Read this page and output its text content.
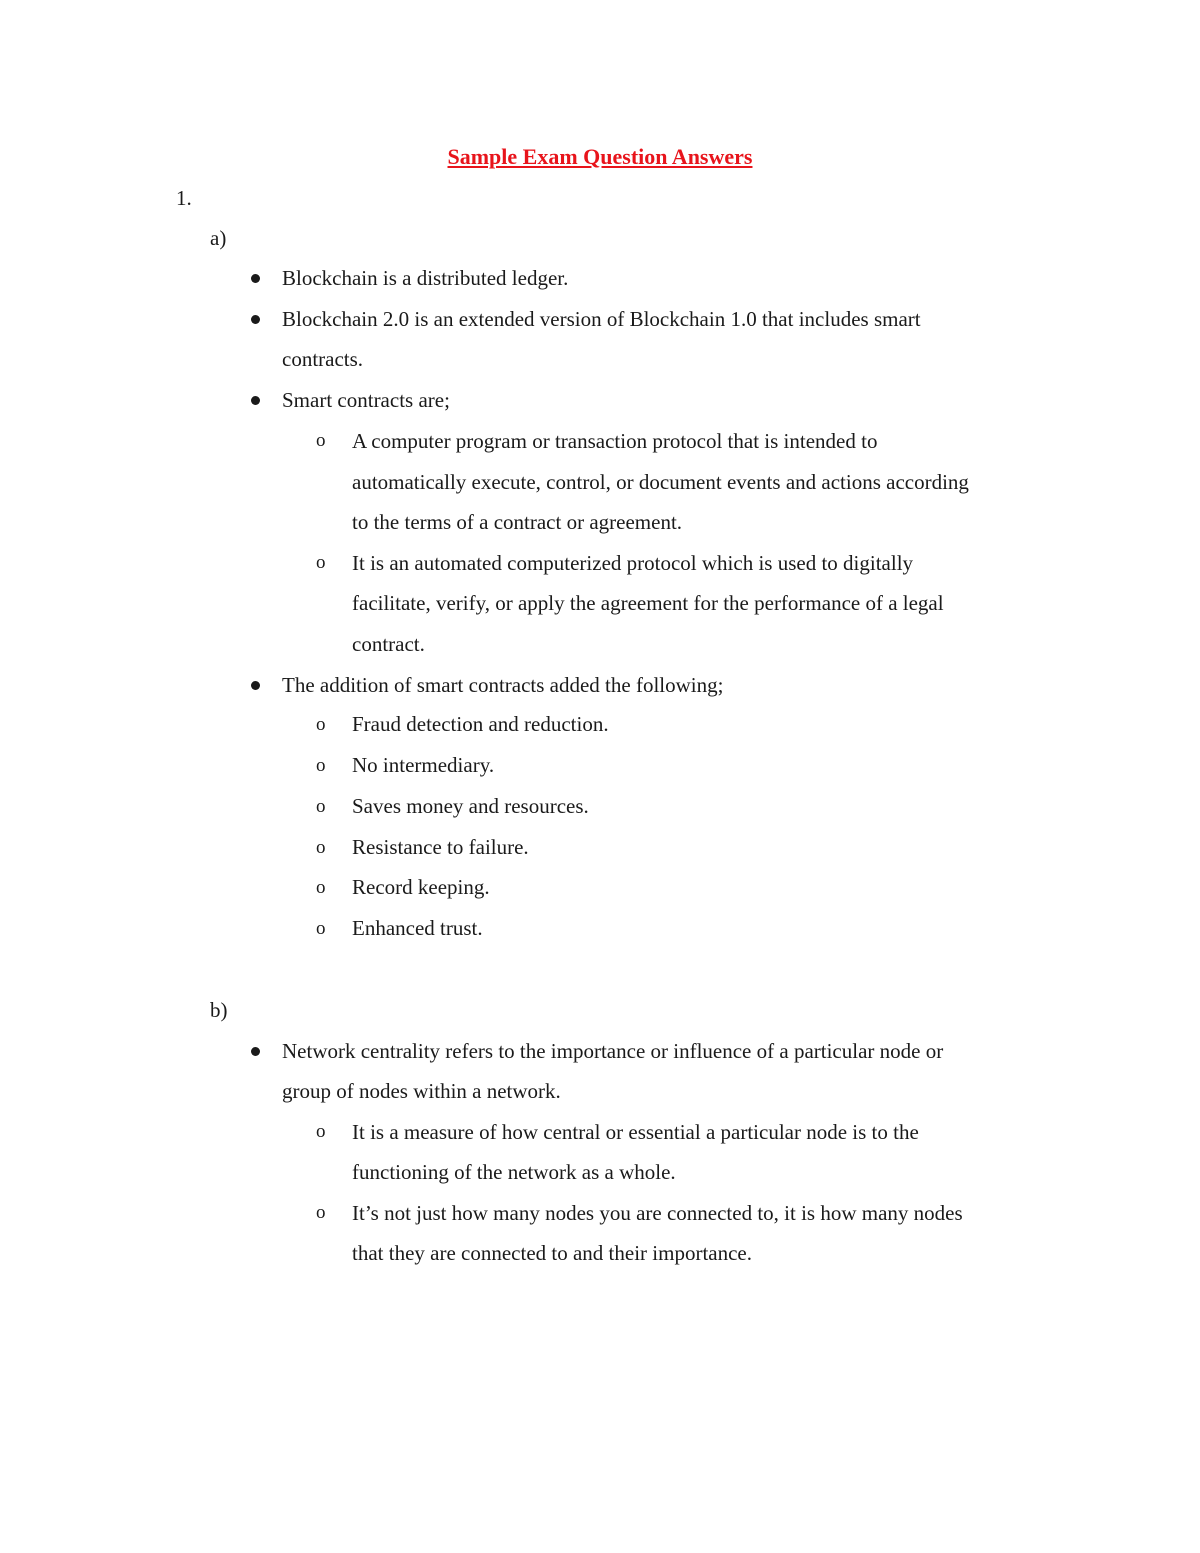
Sample Exam Question Answers

1.

a)

Blockchain is a distributed ledger.

Blockchain 2.0 is an extended version of Blockchain 1.0 that includes smart

contracts.

Smart contracts are;

o A computer program or transaction protocol that is intended to

automatically execute, control, or document events and actions according

to the terms of a contract or agreement.

o It is an automated computerized protocol which is used to digitally

facilitate, verify, or apply the agreement for the performance of a legal

contract.

The addition of smart contracts added the following;

o Fraud detection and reduction.

o No intermediary.

o Saves money and resources.

o Resistance to failure.

o Record keeping.

o Enhanced trust.

b)

Network centrality refers to the importance or influence of a particular node or

group of nodes within a network.

o It is a measure of how central or essential a particular node is to the

functioning of the network as a whole.

o It’s not just how many nodes you are connected to, it is how many nodes

that they are connected to and their importance.
